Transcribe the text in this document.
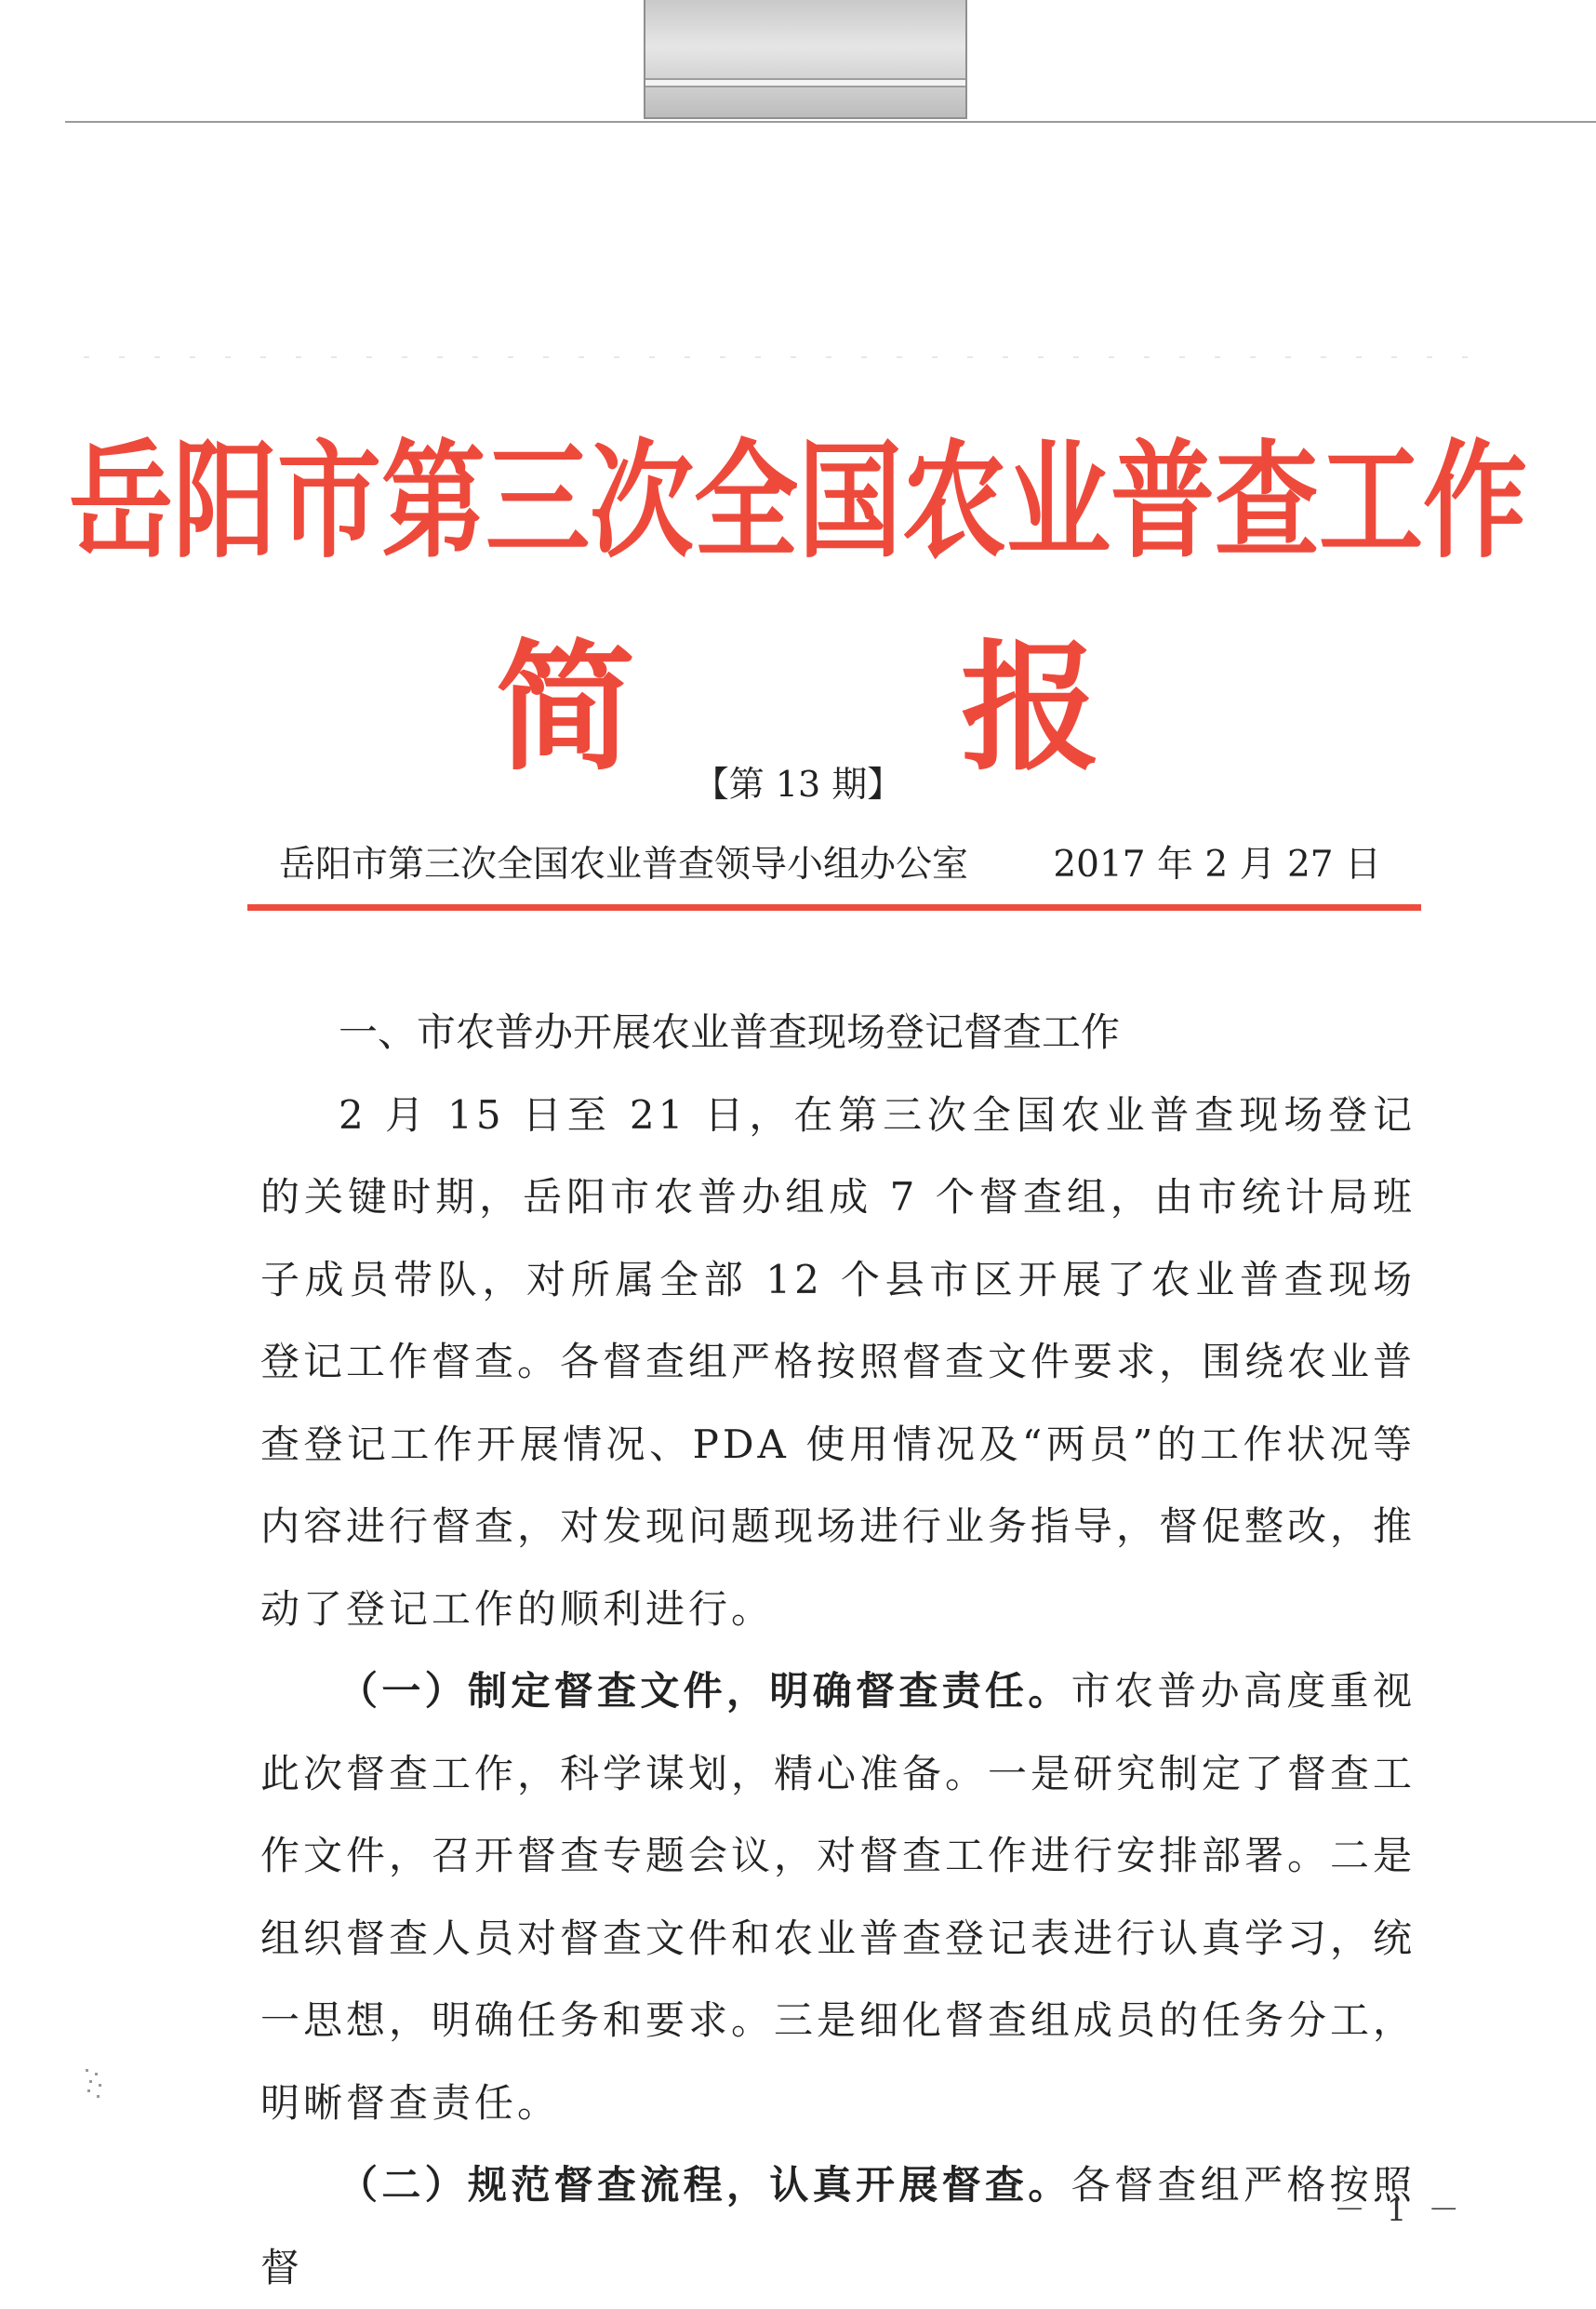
岳阳市第三次全国农业普查工作
简 报
【第 13 期】
岳阳市第三次全国农业普查领导小组办公室 2017 年 2 月 27 日

一、市农普办开展农业普查现场登记督查工作

2 月 15 日至 21 日，在第三次全国农业普查现场登记的关键时期，岳阳市农普办组成 7 个督查组，由市统计局班子成员带队，对所属全部 12 个县市区开展了农业普查现场登记工作督查。各督查组严格按照督查文件要求，围绕农业普查登记工作开展情况、PDA 使用情况及“两员”的工作状况等内容进行督查，对发现问题现场进行业务指导，督促整改，推动了登记工作的顺利进行。

（一）制定督查文件，明确督查责任。市农普办高度重视此次督查工作，科学谋划，精心准备。一是研究制定了督查工作文件，召开督查专题会议，对督查工作进行安排部署。二是组织督查人员对督查文件和农业普查登记表进行认真学习，统一思想，明确任务和要求。三是细化督查组成员的任务分工，明晰督查责任。

（二）规范督查流程，认真开展督查。各督查组严格按照督

－ 1 －
